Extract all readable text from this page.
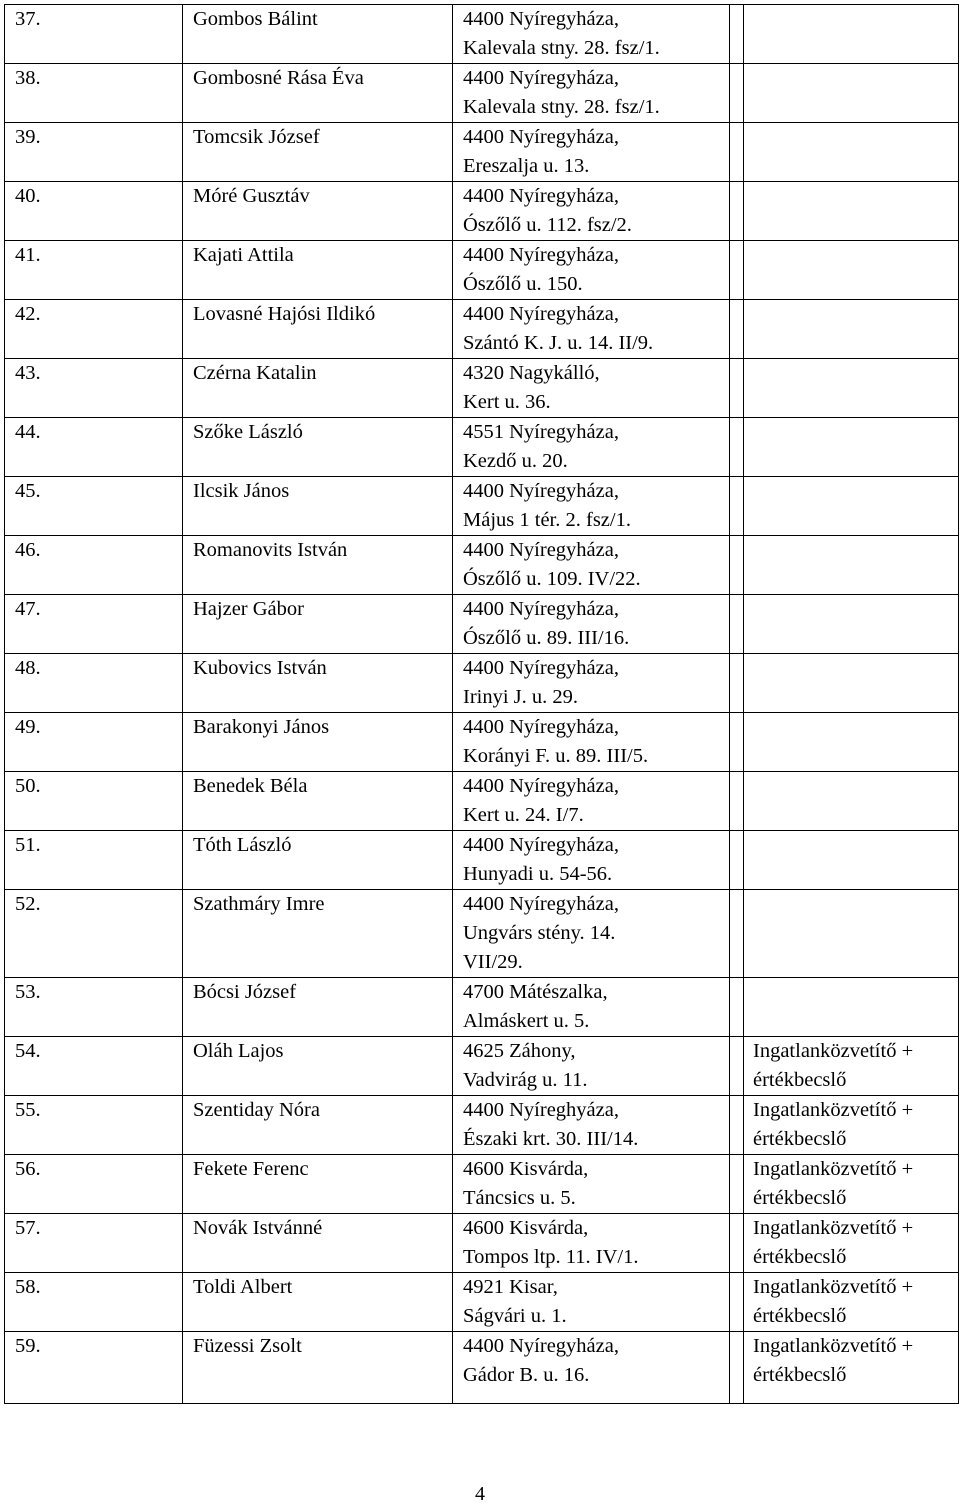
37.	Gombos Bálint	4400 Nyíregyháza,
Kalevala stny. 28. fsz/1.		

38.	Gombosné Rása Éva	4400 Nyíregyháza,
Kalevala stny. 28. fsz/1.		

39.	Tomcsik József	4400 Nyíregyháza,
Ereszalja u. 13.		

40.	Móré Gusztáv	4400 Nyíregyháza,
Ószőlő u. 112. fsz/2.		

41.	Kajati Attila	4400 Nyíregyháza,
Ószőlő u. 150.		

42.	Lovasné Hajósi Ildikó	4400 Nyíregyháza,
Szántó K. J. u. 14. II/9.		

43.	Czérna Katalin	4320 Nagykálló,
Kert u. 36.		

44.	Szőke László	4551 Nyíregyháza,
Kezdő u. 20.		

45.	Ilcsik János	4400 Nyíregyháza,
Május 1 tér. 2. fsz/1.		

46.	Romanovits István	4400 Nyíregyháza,
Ószőlő u. 109. IV/22.		

47.	Hajzer Gábor	4400 Nyíregyháza,
Ószőlő u. 89. III/16.		

48.	Kubovics István	4400 Nyíregyháza,
Irinyi J. u. 29.		

49.	Barakonyi János	4400 Nyíregyháza,
Korányi F. u. 89. III/5.		

50.	Benedek Béla	4400 Nyíregyháza,
Kert u. 24. I/7.		

51.	Tóth László	4400 Nyíregyháza,
Hunyadi u. 54-56.		

52.	Szathmáry Imre	4400 Nyíregyháza,
Ungvárs stény. 14.
VII/29.		

53.	Bócsi József	4700 Mátészalka,
Almáskert u. 5.		

54.	Oláh Lajos	4625 Záhony,
Vadvirág u. 11.		Ingatlanközvetítő +
értékbecslő

55.	Szentiday Nóra	4400 Nyíreghyáza,
Északi krt. 30. III/14.		Ingatlanközvetítő +
értékbecslő

56.	Fekete Ferenc	4600 Kisvárda,
Táncsics u. 5.		Ingatlanközvetítő +
értékbecslő

57.	Novák Istvánné	4600 Kisvárda,
Tompos ltp. 11. IV/1.		Ingatlanközvetítő +
értékbecslő

58.	Toldi Albert	4921 Kisar,
Ságvári u. 1.		Ingatlanközvetítő +
értékbecslő

59.	Füzessi Zsolt	4400 Nyíregyháza,
Gádor B. u. 16.		Ingatlanközvetítő +
értékbecslő
4
